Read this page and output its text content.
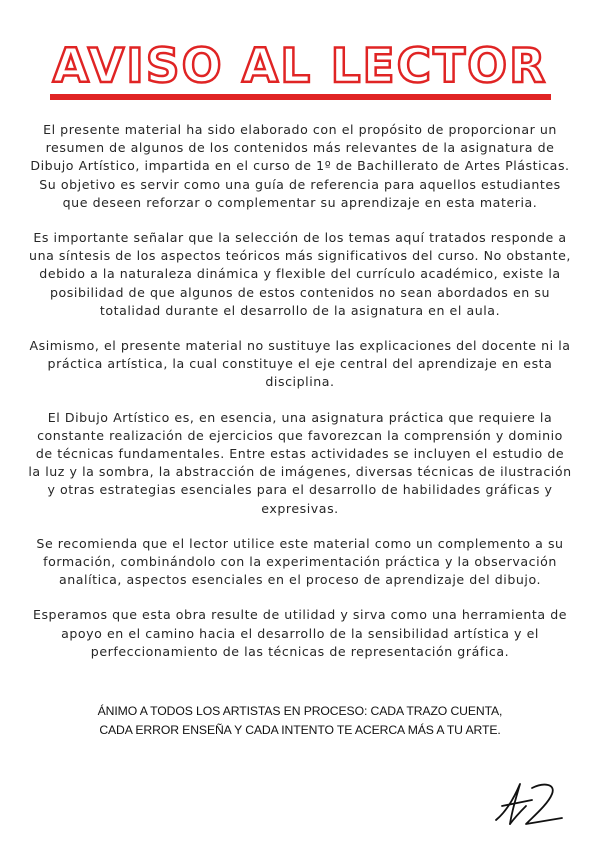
AVISO AL LECTOR

El presente material ha sido elaborado con el propósito de proporcionar un resumen de algunos de los contenidos más relevantes de la asignatura de Dibujo Artístico, impartida en el curso de 1º de Bachillerato de Artes Plásticas. Su objetivo es servir como una guía de referencia para aquellos estudiantes que deseen reforzar o complementar su aprendizaje en esta materia.

Es importante señalar que la selección de los temas aquí tratados responde a una síntesis de los aspectos teóricos más significativos del curso. No obstante, debido a la naturaleza dinámica y flexible del currículo académico, existe la posibilidad de que algunos de estos contenidos no sean abordados en su totalidad durante el desarrollo de la asignatura en el aula.

Asimismo, el presente material no sustituye las explicaciones del docente ni la práctica artística, la cual constituye el eje central del aprendizaje en esta disciplina.

El Dibujo Artístico es, en esencia, una asignatura práctica que requiere la constante realización de ejercicios que favorezcan la comprensión y dominio de técnicas fundamentales. Entre estas actividades se incluyen el estudio de la luz y la sombra, la abstracción de imágenes, diversas técnicas de ilustración y otras estrategias esenciales para el desarrollo de habilidades gráficas y expresivas.

Se recomienda que el lector utilice este material como un complemento a su formación, combinándolo con la experimentación práctica y la observación analítica, aspectos esenciales en el proceso de aprendizaje del dibujo.

Esperamos que esta obra resulte de utilidad y sirva como una herramienta de apoyo en el camino hacia el desarrollo de la sensibilidad artística y el perfeccionamiento de las técnicas de representación gráfica.

ÁNIMO A TODOS LOS ARTISTAS EN PROCESO: CADA TRAZO CUENTA, CADA ERROR ENSEÑA Y CADA INTENTO TE ACERCA MÁS A TU ARTE.
